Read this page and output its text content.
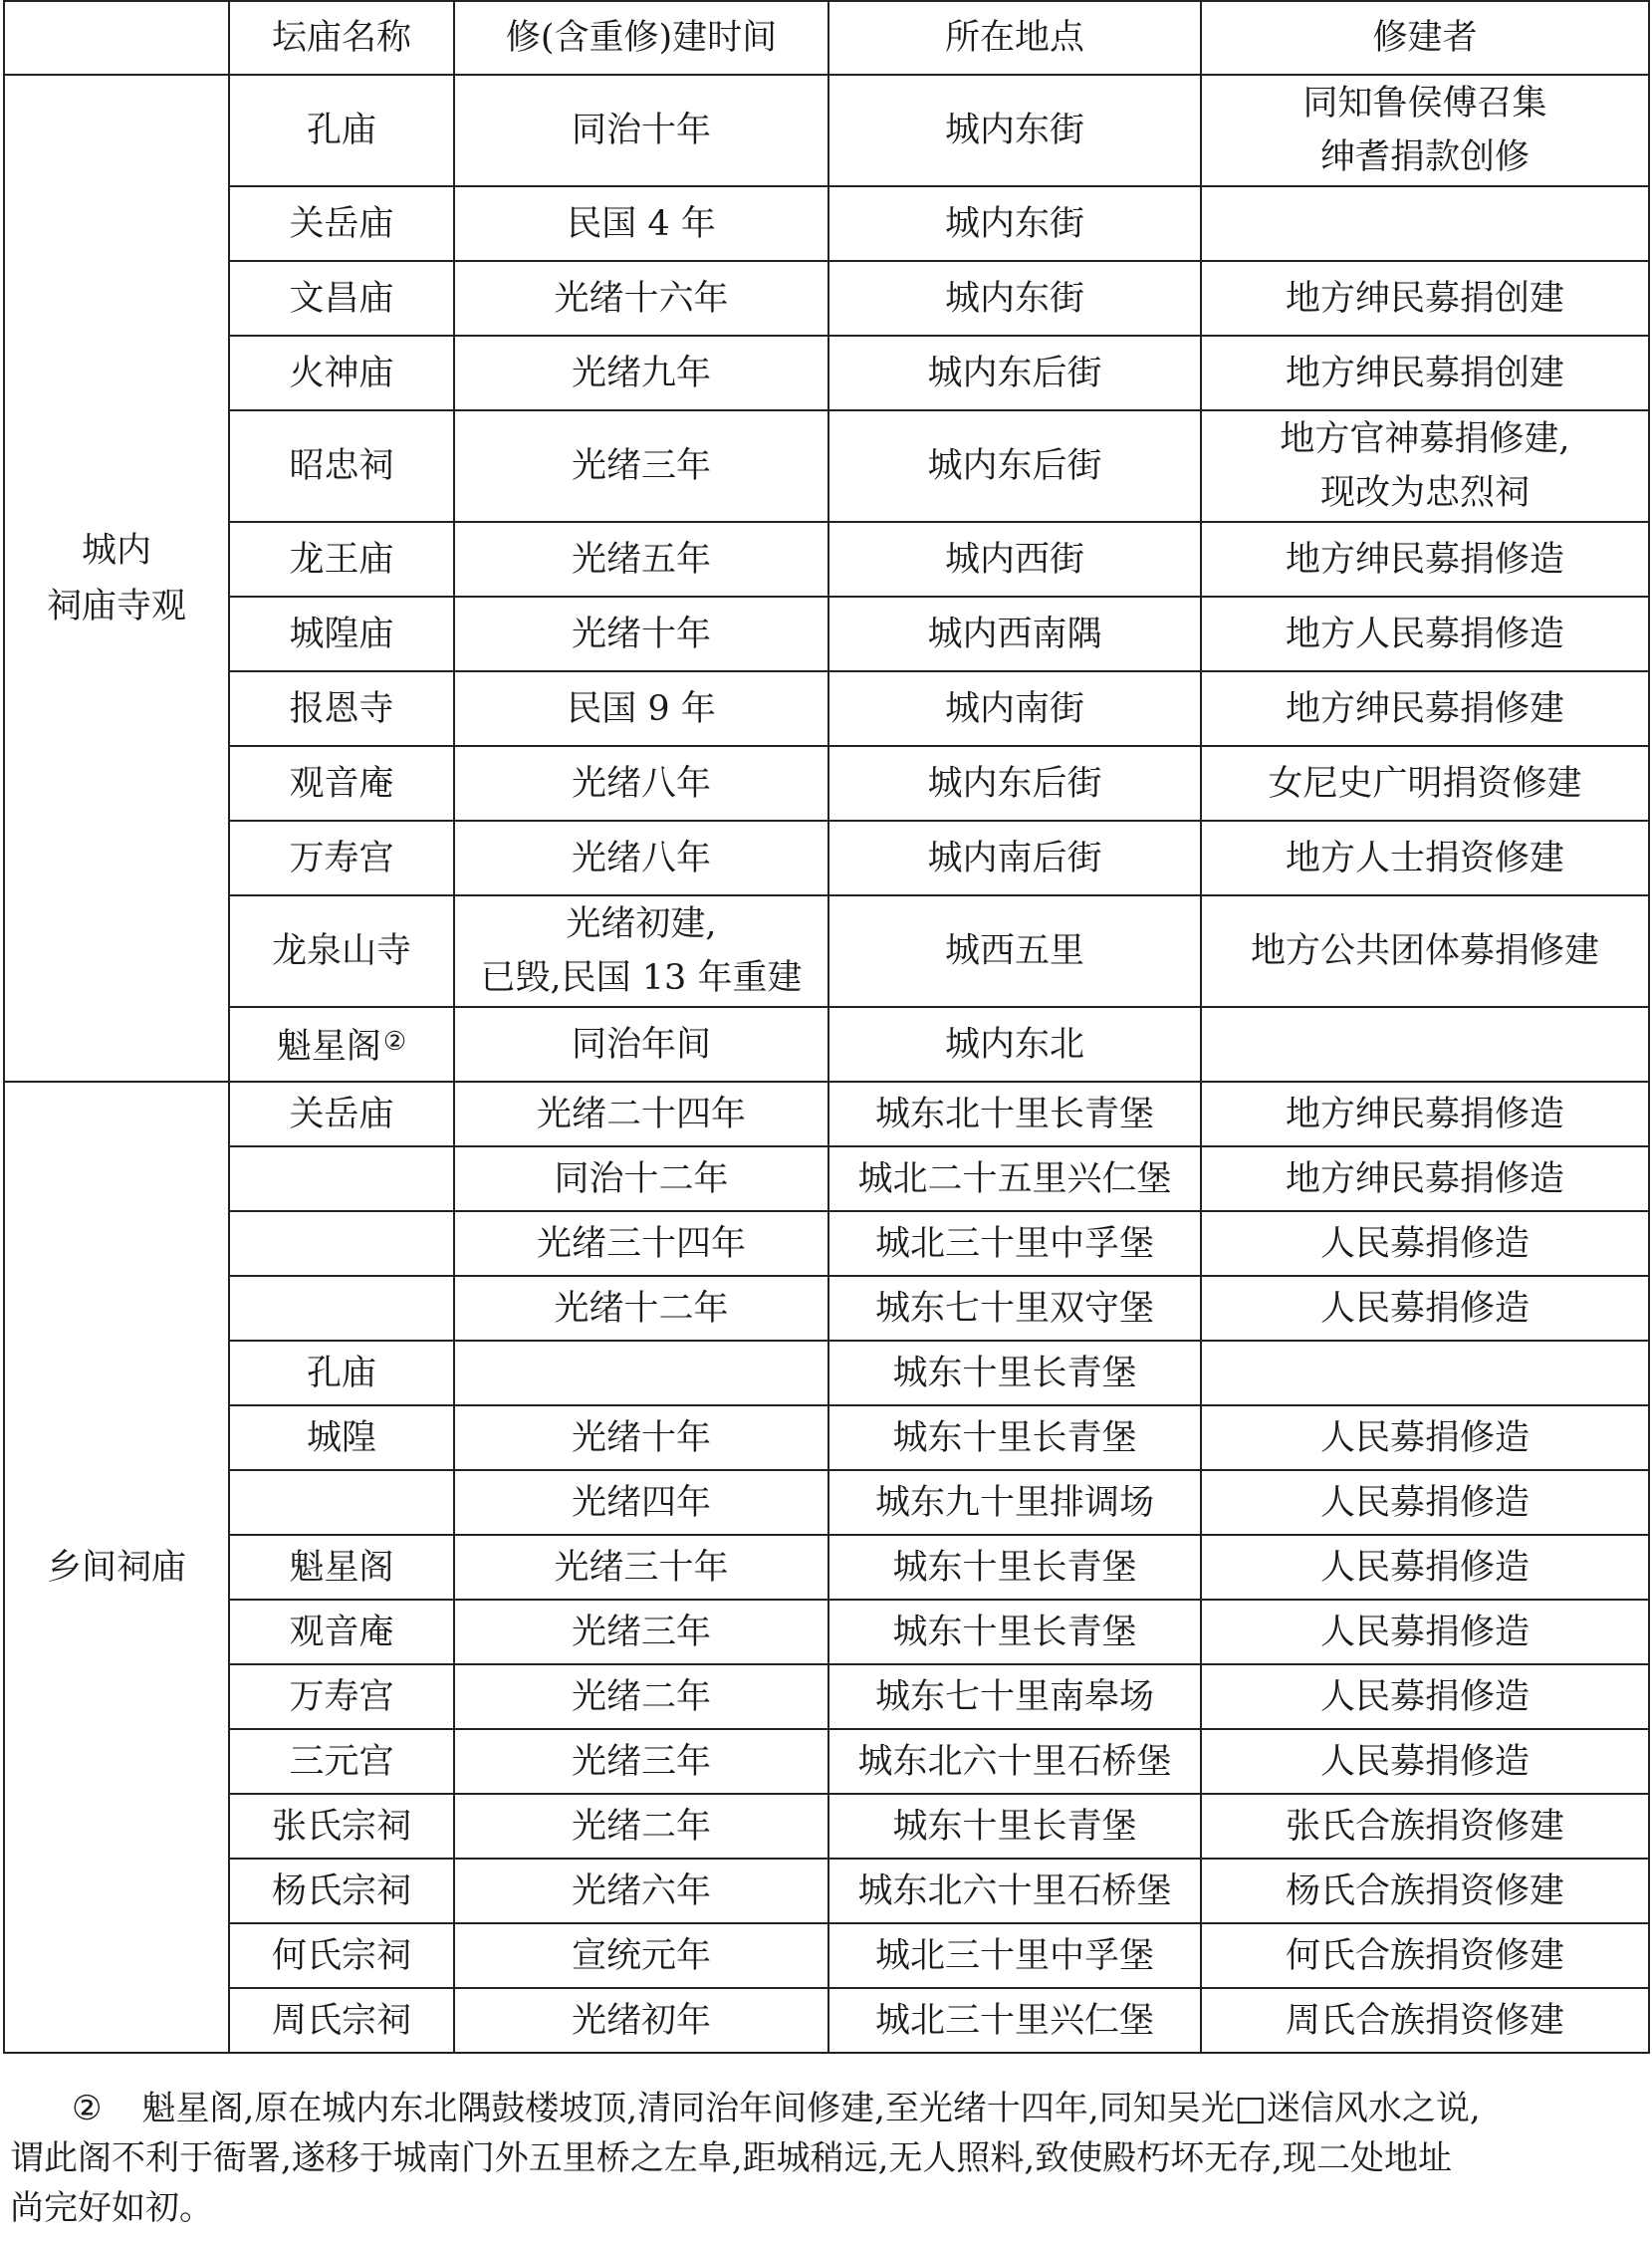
	坛庙名称	修(含重修)建时间	所在地点	修建者
城内
祠庙寺观	孔庙	同治十年	城内东街	同知鲁侯傅召集
绅耆捐款创修
	关岳庙	民国 4 年	城内东街	
	文昌庙	光绪十六年	城内东街	地方绅民募捐创建
	火神庙	光绪九年	城内东后街	地方绅民募捐创建
	昭忠祠	光绪三年	城内东后街	地方官神募捐修建,
现改为忠烈祠
	龙王庙	光绪五年	城内西街	地方绅民募捐修造
	城隍庙	光绪十年	城内西南隅	地方人民募捐修造
	报恩寺	民国 9 年	城内南街	地方绅民募捐修建
	观音庵	光绪八年	城内东后街	女尼史广明捐资修建
	万寿宫	光绪八年	城内南后街	地方人士捐资修建
	龙泉山寺	光绪初建,
已毁,民国 13 年重建	城西五里	地方公共团体募捐修建
	魁星阁②	同治年间	城内东北	
乡间祠庙	关岳庙	光绪二十四年	城东北十里长青堡	地方绅民募捐修造
		同治十二年	城北二十五里兴仁堡	地方绅民募捐修造
		光绪三十四年	城北三十里中孚堡	人民募捐修造
		光绪十二年	城东七十里双守堡	人民募捐修造
	孔庙		城东十里长青堡	
	城隍	光绪十年	城东十里长青堡	人民募捐修造
		光绪四年	城东九十里排调场	人民募捐修造
	魁星阁	光绪三十年	城东十里长青堡	人民募捐修造
	观音庵	光绪三年	城东十里长青堡	人民募捐修造
	万寿宫	光绪二年	城东七十里南皋场	人民募捐修造
	三元宫	光绪三年	城东北六十里石桥堡	人民募捐修造
	张氏宗祠	光绪二年	城东十里长青堡	张氏合族捐资修建
	杨氏宗祠	光绪六年	城东北六十里石桥堡	杨氏合族捐资修建
	何氏宗祠	宣统元年	城北三十里中孚堡	何氏合族捐资修建
	周氏宗祠	光绪初年	城北三十里兴仁堡	周氏合族捐资修建

② 魁星阁,原在城内东北隅鼓楼坡顶,清同治年间修建,至光绪十四年,同知吴光□迷信风水之说,

谓此阁不利于衙署,遂移于城南门外五里桥之左阜,距城稍远,无人照料,致使殿朽坏无存,现二处地址

尚完好如初。
